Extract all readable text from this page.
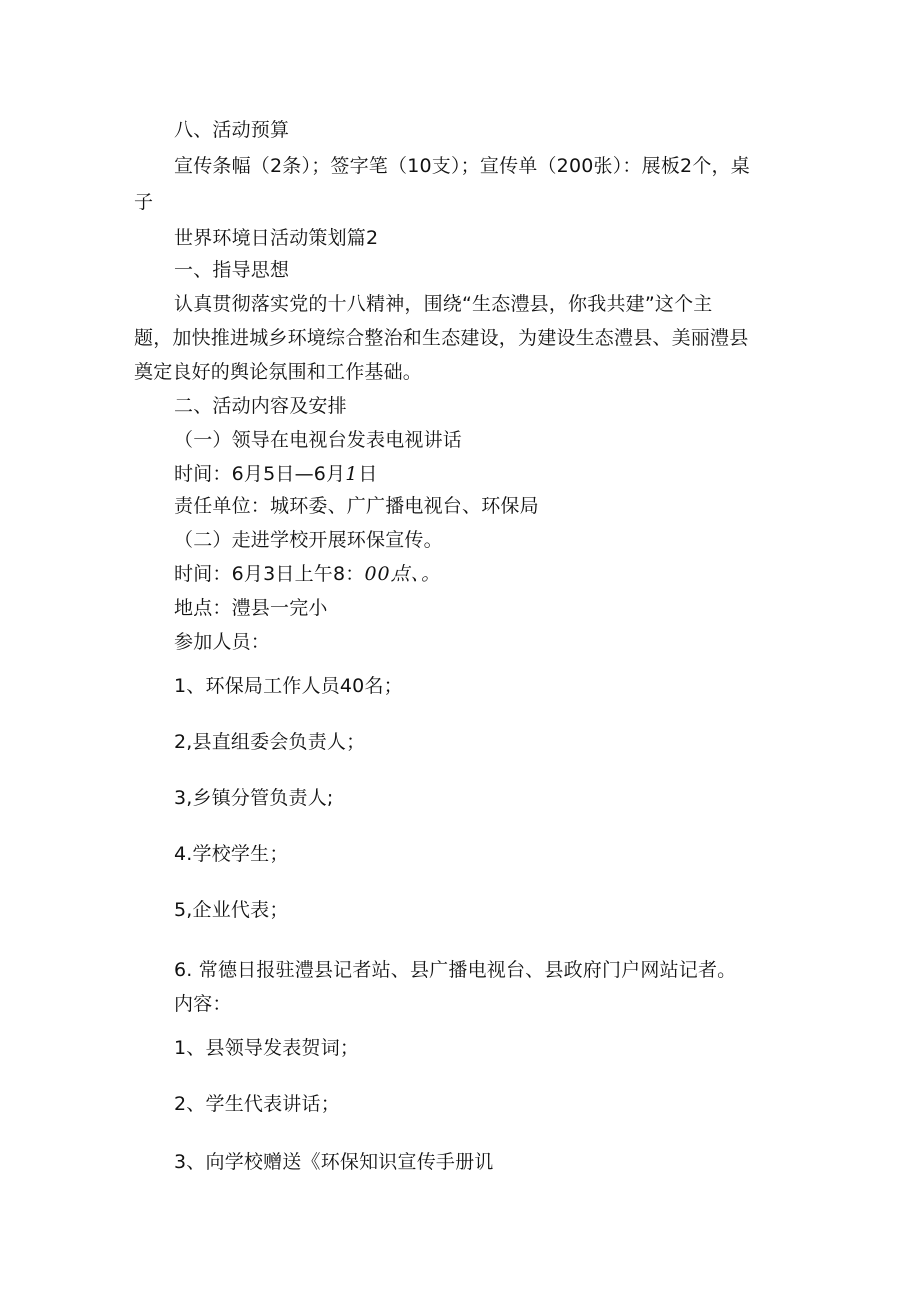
八、活动预算
宣传条幅（2条）；签字笔（10支）；宣传单（200张）：展板2个，桌
子
世界环境日活动策划篇2
一、指导思想
认真贯彻落实党的十八精神，围绕“生态澧县，你我共建”这个主
题，加快推进城乡环境综合整治和生态建设，为建设生态澧县、美丽澧县
奠定良好的舆论氛围和工作基础。
二、活动内容及安排
（一）领导在电视台发表电视讲话
时间：6月5日—6月1日
责任单位：城环委、广广播电视台、环保局
（二）走进学校开展环保宣传。
时间：6月3日上午8：00点、。
地点：澧县一完小
参加人员：
1、环保局工作人员40名；
2,县直组委会负责人；
3,乡镇分管负责人;
4.学校学生；
5,企业代表；
6. 常德日报驻澧县记者站、县广播电视台、县政府门户网站记者。
内容：
1、县领导发表贺词；
2、学生代表讲话；
3、向学校赠送《环保知识宣传手册讥
